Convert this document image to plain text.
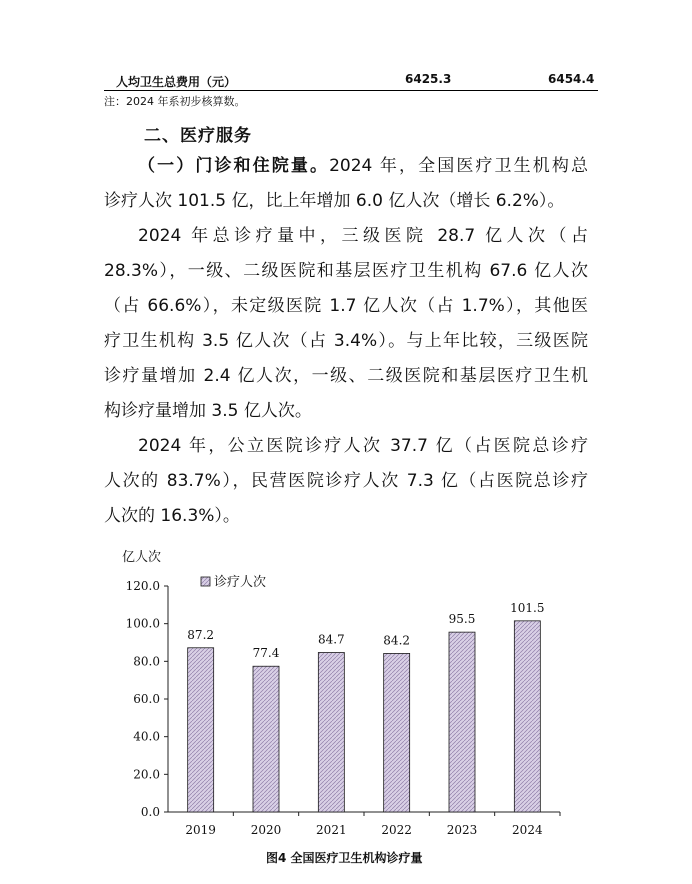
人均卫生总费用（元）	6425.3	6454.4
注：2024 年系初步核算数。
二、医疗服务
（一）门诊和住院量。2024 年，全国医疗卫生机构总
诊疗人次 101.5 亿，比上年增加 6.0 亿人次（增长 6.2%）。
2024 年总诊疗量中，三级医院 28.7 亿人次（占
28.3%），一级、二级医院和基层医疗卫生机构 67.6 亿人次
（占 66.6%），未定级医院 1.7 亿人次（占 1.7%），其他医
疗卫生机构 3.5 亿人次（占 3.4%）。与上年比较，三级医院
诊疗量增加 2.4 亿人次，一级、二级医院和基层医疗卫生机
构诊疗量增加 3.5 亿人次。
2024 年，公立医院诊疗人次 37.7 亿（占医院总诊疗
人次的 83.7%），民营医院诊疗人次 7.3 亿（占医院总诊疗
人次的 16.3%）。
亿人次
0.0
20.0
40.0
60.0
80.0
100.0
120.0
87.2
2019
77.4
2020
84.7
2021
84.2
2022
95.5
2023
101.5
2024
诊疗人次
图4 全国医疗卫生机构诊疗量
